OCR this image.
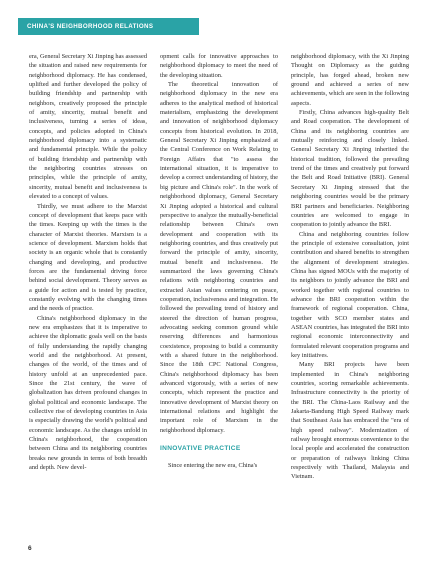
CHINA'S NEIGHBORHOOD RELATIONS

era, General Secretary Xi Jinping has assessed the situation and raised new requirements for neighborhood diplomacy. He has condensed, uplifted and further developed the policy of building friendship and partnership with neighbors, creatively proposed the principle of amity, sincerity, mutual benefit and inclusiveness, turning a series of ideas, concepts, and policies adopted in China's neighborhood diplomacy into a systematic and fundamental principle. While the policy of building friendship and partnership with the neighboring countries stresses on principles, while the principle of amity, sincerity, mutual benefit and inclusiveness is elevated to a concept of values.

Thirdly, we must adhere to the Marxist concept of development that keeps pace with the times. Keeping up with the times is the character of Marxist theories. Marxism is a science of development. Marxism holds that society is an organic whole that is constantly changing and developing, and productive forces are the fundamental driving force behind social development. Theory serves as a guide for action and is tested by practice, constantly evolving with the changing times and the needs of practice.

China's neighborhood diplomacy in the new era emphasizes that it is imperative to achieve the diplomatic goals well on the basis of fully understanding the rapidly changing world and the neighborhood. At present, changes of the world, of the times and of history unfold at an unprecedented pace. Since the 21st century, the wave of globalization has driven profound changes in global political and economic landscape. The collective rise of developing countries in Asia is especially drawing the world's political and economic landscape. As the changes unfold in China's neighborhood, the cooperation between China and its neighboring countries breaks new grounds in terms of both breadth and depth. New devel-

opment calls for innovative approaches to neighborhood diplomacy to meet the need of the developing situation.

The theoretical innovation of neighborhood diplomacy in the new era adheres to the analytical method of historical materialism, emphasizing the development and innovation of neighborhood diplomacy concepts from historical evolution. In 2018, General Secretary Xi Jinping emphasized at the Central Conference on Work Relating to Foreign Affairs that "to assess the international situation, it is imperative to develop a correct understanding of history, the big picture and China's role". In the work of neighborhood diplomacy, General Secretary Xi Jinping adopted a historical and cultural perspective to analyze the mutually-beneficial relationship between China's own development and cooperation with its neighboring countries, and thus creatively put forward the principle of amity, sincerity, mutual benefit and inclusiveness. He summarized the laws governing China's relations with neighboring countries and extracted Asian values centering on peace, cooperation, inclusiveness and integration. He followed the prevailing trend of history and steered the direction of human progress, advocating seeking common ground while reserving differences and harmonious coexistence, proposing to build a community with a shared future in the neighborhood. Since the 18th CPC National Congress, China's neighborhood diplomacy has been advanced vigorously, with a series of new concepts, which represent the practice and innovative development of Marxist theory on international relations and highlight the important role of Marxism in the neighborhood diplomacy.

INNOVATIVE PRACTICE

Since entering the new era, China's

neighborhood diplomacy, with the Xi Jinping Thought on Diplomacy as the guiding principle, has forged ahead, broken new ground and achieved a series of new achievements, which are seen in the following aspects.

Firstly, China advances high-quality Belt and Road cooperation. The development of China and its neighboring countries are mutually reinforcing and closely linked. General Secretary Xi Jinping inherited the historical tradition, followed the prevailing trend of the times and creatively put forward the Belt and Road Initiative (BRI). General Secretary Xi Jinping stressed that the neighboring countries would be the primary BRI partners and beneficiaries. Neighboring countries are welcomed to engage in cooperation to jointly advance the BRI.

China and neighboring countries follow the principle of extensive consultation, joint contribution and shared benefits to strengthen the alignment of development strategies. China has signed MOUs with the majority of its neighbors to jointly advance the BRI and worked together with regional countries to advance the BRI cooperation within the framework of regional cooperation. China, together with SCO member states and ASEAN countries, has integrated the BRI into regional economic interconnectivity and formulated relevant cooperation programs and key initiatives.

Many BRI projects have been implemented in China's neighboring countries, scoring remarkable achievements. Infrastructure connectivity is the priority of the BRI. The China-Laos Railway and the Jakarta-Bandung High Speed Railway mark that Southeast Asia has embraced the "era of high speed railway". Modernization of railway brought enormous convenience to the local people and accelerated the construction or preparation of railways linking China respectively with Thailand, Malaysia and Vietnam.

6
